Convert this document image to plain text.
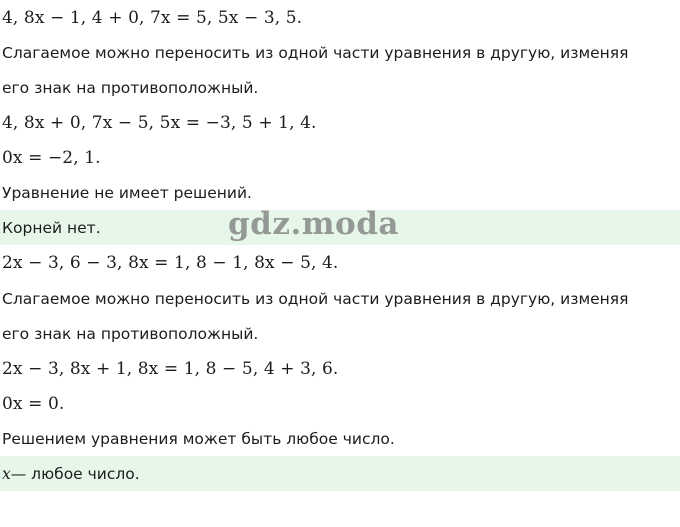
4, 8x − 1, 4 + 0, 7x = 5, 5x − 3, 5.
Слагаемое можно переносить из одной части уравнения в другую, изменяя
его знак на противоположный.
4, 8x + 0, 7x − 5, 5x = −3, 5 + 1, 4.
0x = −2, 1.
Уравнение не имеет решений.
Корней нет.
2x − 3, 6 − 3, 8x = 1, 8 − 1, 8x − 5, 4.
Слагаемое можно переносить из одной части уравнения в другую, изменяя
его знак на противоположный.
2x − 3, 8x + 1, 8x = 1, 8 − 5, 4 + 3, 6.
0x = 0.
Решением уравнения может быть любое число.
x — любое число.
gdz.moda
